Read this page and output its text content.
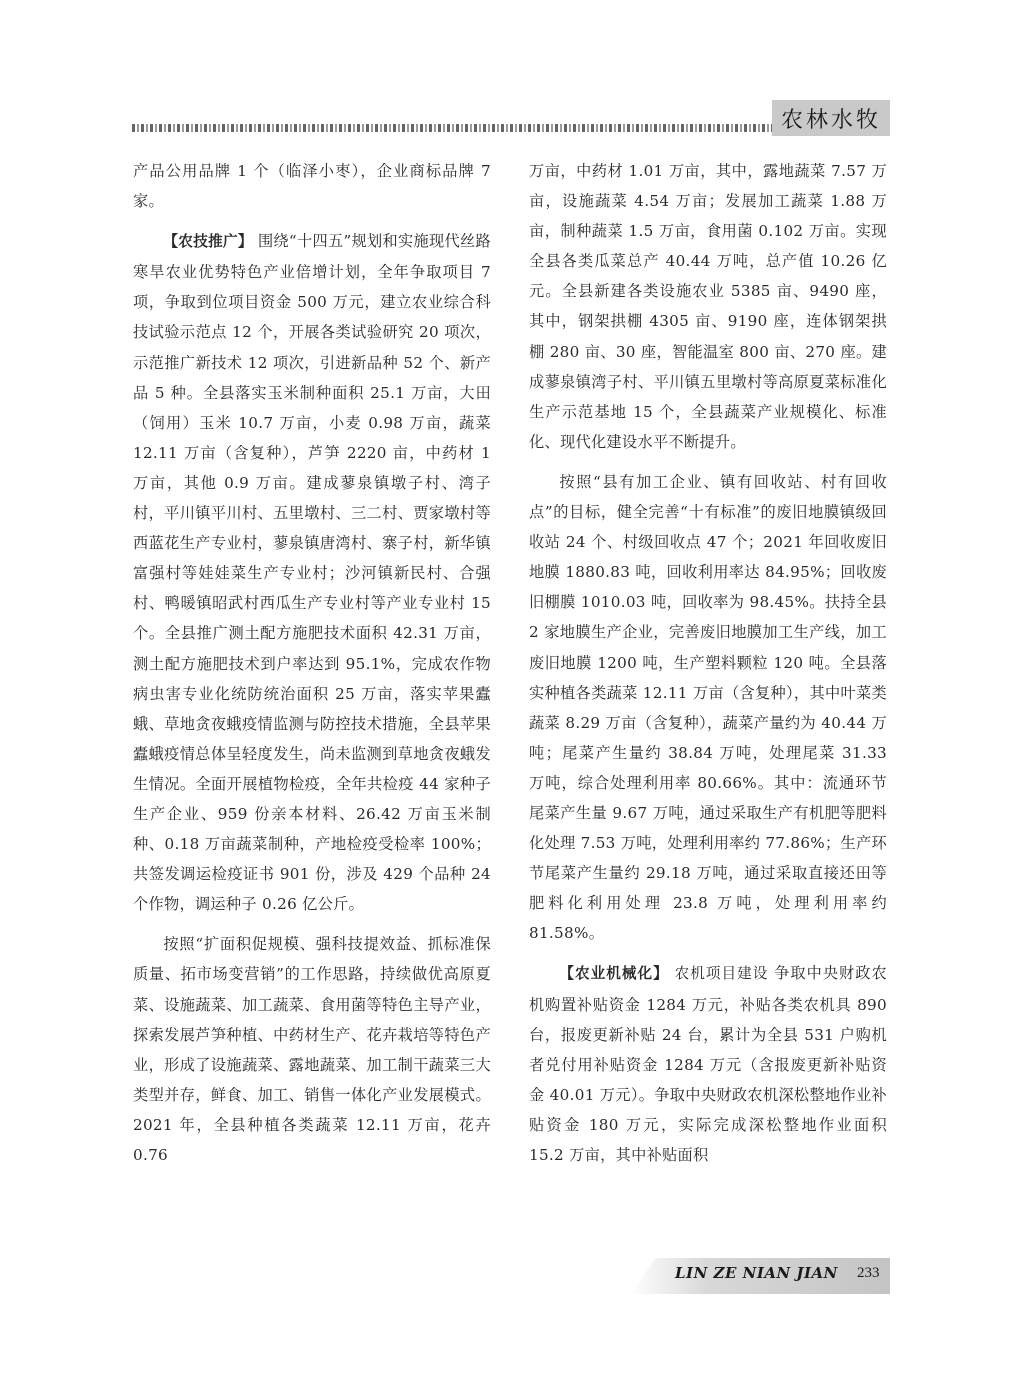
农林水牧

产品公用品牌 1 个（临泽小枣），企业商标品牌 7 家。

【农技推广】 围绕“十四五”规划和实施现代丝路寒旱农业优势特色产业倍增计划，全年争取项目 7 项，争取到位项目资金 500 万元，建立农业综合科技试验示范点 12 个，开展各类试验研究 20 项次，示范推广新技术 12 项次，引进新品种 52 个、新产品 5 种。全县落实玉米制种面积 25.1 万亩，大田（饲用）玉米 10.7 万亩，小麦 0.98 万亩，蔬菜 12.11 万亩（含复种），芦笋 2220 亩，中药材 1 万亩，其他 0.9 万亩。建成蓼泉镇墩子村、湾子村，平川镇平川村、五里墩村、三二村、贾家墩村等西蓝花生产专业村，蓼泉镇唐湾村、寨子村，新华镇富强村等娃娃菜生产专业村；沙河镇新民村、合强村、鸭暖镇昭武村西瓜生产专业村等产业专业村 15 个。全县推广测土配方施肥技术面积 42.31 万亩，测土配方施肥技术到户率达到 95.1%，完成农作物病虫害专业化统防统治面积 25 万亩，落实苹果蠹蛾、草地贪夜蛾疫情监测与防控技术措施，全县苹果蠹蛾疫情总体呈轻度发生，尚未监测到草地贪夜蛾发生情况。全面开展植物检疫，全年共检疫 44 家种子生产企业、959 份亲本材料、26.42 万亩玉米制种、0.18 万亩蔬菜制种，产地检疫受检率 100%；共签发调运检疫证书 901 份，涉及 429 个品种 24 个作物，调运种子 0.26 亿公斤。

按照“扩面积促规模、强科技提效益、抓标准保质量、拓市场变营销”的工作思路，持续做优高原夏菜、设施蔬菜、加工蔬菜、食用菌等特色主导产业，探索发展芦笋种植、中药材生产、花卉栽培等特色产业，形成了设施蔬菜、露地蔬菜、加工制干蔬菜三大类型并存，鲜食、加工、销售一体化产业发展模式。2021 年，全县种植各类蔬菜 12.11 万亩，花卉 0.76

万亩，中药材 1.01 万亩，其中，露地蔬菜 7.57 万亩，设施蔬菜 4.54 万亩；发展加工蔬菜 1.88 万亩，制种蔬菜 1.5 万亩，食用菌 0.102 万亩。实现全县各类瓜菜总产 40.44 万吨，总产值 10.26 亿元。全县新建各类设施农业 5385 亩、9490 座，其中，钢架拱棚 4305 亩、9190 座，连体钢架拱棚 280 亩、30 座，智能温室 800 亩、270 座。建成蓼泉镇湾子村、平川镇五里墩村等高原夏菜标准化生产示范基地 15 个，全县蔬菜产业规模化、标准化、现代化建设水平不断提升。

按照“县有加工企业、镇有回收站、村有回收点”的目标，健全完善“十有标准”的废旧地膜镇级回收站 24 个、村级回收点 47 个；2021 年回收废旧地膜 1880.83 吨，回收利用率达 84.95%；回收废旧棚膜 1010.03 吨，回收率为 98.45%。扶持全县 2 家地膜生产企业，完善废旧地膜加工生产线，加工废旧地膜 1200 吨，生产塑料颗粒 120 吨。全县落实种植各类蔬菜 12.11 万亩（含复种），其中叶菜类蔬菜 8.29 万亩（含复种），蔬菜产量约为 40.44 万吨；尾菜产生量约 38.84 万吨，处理尾菜 31.33 万吨，综合处理利用率 80.66%。其中：流通环节尾菜产生量 9.67 万吨，通过采取生产有机肥等肥料化处理 7.53 万吨，处理利用率约 77.86%；生产环节尾菜产生量约 29.18 万吨，通过采取直接还田等肥料化利用处理 23.8 万吨，处理利用率约 81.58%。

【农业机械化】 农机项目建设 争取中央财政农机购置补贴资金 1284 万元，补贴各类农机具 890 台，报废更新补贴 24 台，累计为全县 531 户购机者兑付用补贴资金 1284 万元（含报废更新补贴资金 40.01 万元）。争取中央财政农机深松整地作业补贴资金 180 万元，实际完成深松整地作业面积 15.2 万亩，其中补贴面积

LIN ZE NIAN JIAN 233
